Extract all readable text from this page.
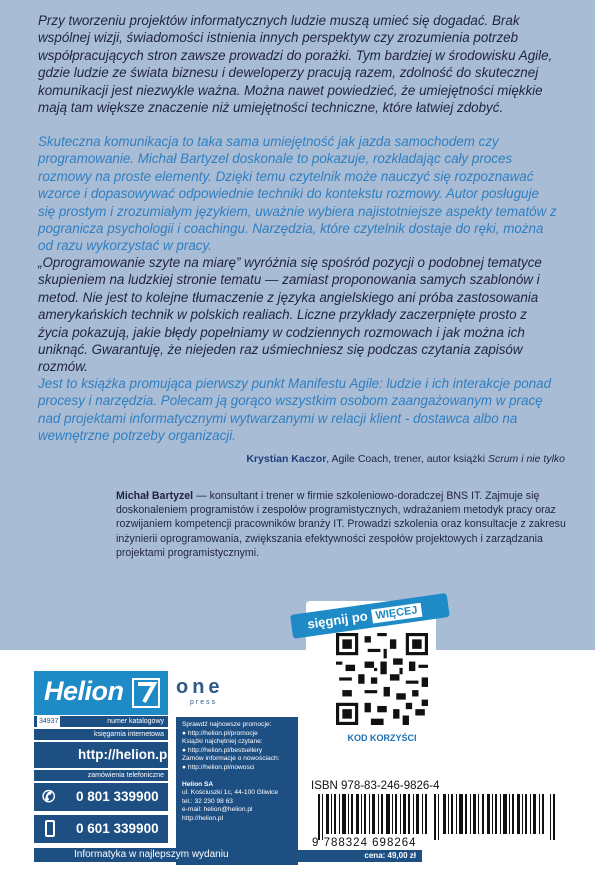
Przy tworzeniu projektów informatycznych ludzie muszą umieć się dogadać. Brak wspólnej wizji, świadomości istnienia innych perspektyw czy zrozumienia potrzeb współpracujących stron zawsze prowadzi do porażki. Tym bardziej w środowisku Agile, gdzie ludzie ze świata biznesu i deweloperzy pracują razem, zdolność do skutecznej komunikacji jest niezwykle ważna. Można nawet powiedzieć, że umiejętności miękkie mają tam większe znaczenie niż umiejętności techniczne, które łatwiej zdobyć.
Skuteczna komunikacja to taka sama umiejętność jak jazda samochodem czy programowanie. Michał Bartyzel doskonale to pokazuje, rozkładając cały proces rozmowy na proste elementy. Dzięki temu czytelnik może nauczyć się rozpoznawać wzorce i dopasowywać odpowiednie techniki do kontekstu rozmowy. Autor posługuje się prostym i zrozumiałym językiem, uważnie wybiera najistotniejsze aspekty tematów z pogranicza psychologii i coachingu. Narzędzia, które czytelnik dostaje do ręki, można od razu wykorzystać w pracy.
„Oprogramowanie szyte na miarę” wyróżnia się spośród pozycji o podobnej tematyce skupieniem na ludzkiej stronie tematu — zamiast proponowania samych szablonów i metod. Nie jest to kolejne tłumaczenie z języka angielskiego ani próba zastosowania amerykańskich technik w polskich realiach. Liczne przykłady zaczerpnięte prosto z życia pokazują, jakie błędy popełniamy w codziennych rozmowach i jak można ich uniknąć. Gwarantuję, że niejeden raz uśmiechniesz się podczas czytania zapisów rozmów.
Jest to książka promująca pierwszy punkt Manifestu Agile: ludzie i ich interakcje ponad procesy i narzędzia. Polecam ją gorąco wszystkim osobom zaangażowanym w pracę nad projektami informatycznymi wytwarzanymi w relacji klient - dostawca albo na wewnętrzne potrzeby organizacji.
Krystian Kaczor, Agile Coach, trener, autor książki Scrum i nie tylko
Michał Bartyzel — konsultant i trener w firmie szkoleniowo-doradczej BNS IT. Zajmuje się doskonaleniem programistów i zespołów programistycznych, wdrażaniem metodyk pracy oraz rozwijaniem kompetencji pracowników branży IT. Prowadzi szkolenia oraz konsultacje z zakresu inżynierii oprogramowania, zwiększania efektywności zespołów projektowych i zarządzania projektami programistycznymi.
sięgnij po WIĘCEJ
KOD KORZYŚCI
Helion	one
press
34937	numer katalogowy
księgarnia internetowa
http://helion.pl
zamówienia telefoniczne
✆ 0 801 339900
0 601 339900
Sprawdź najnowsze promocje:
● http://helion.pl/promocje
Książki najchętniej czytane:
● http://helion.pl/bestsellery
Zamów informacje o nowościach:
● http://helion.pl/nowosci
Helion SA
ul. Kościuszki 1c, 44-100 Gliwice
tel.: 32 230 98 63
e-mail: helion@helion.pl
http://helion.pl
Informatyka w najlepszym wydaniu
ISBN 978-83-246-9826-4
9 788324 698264
cena: 49,00 zł
